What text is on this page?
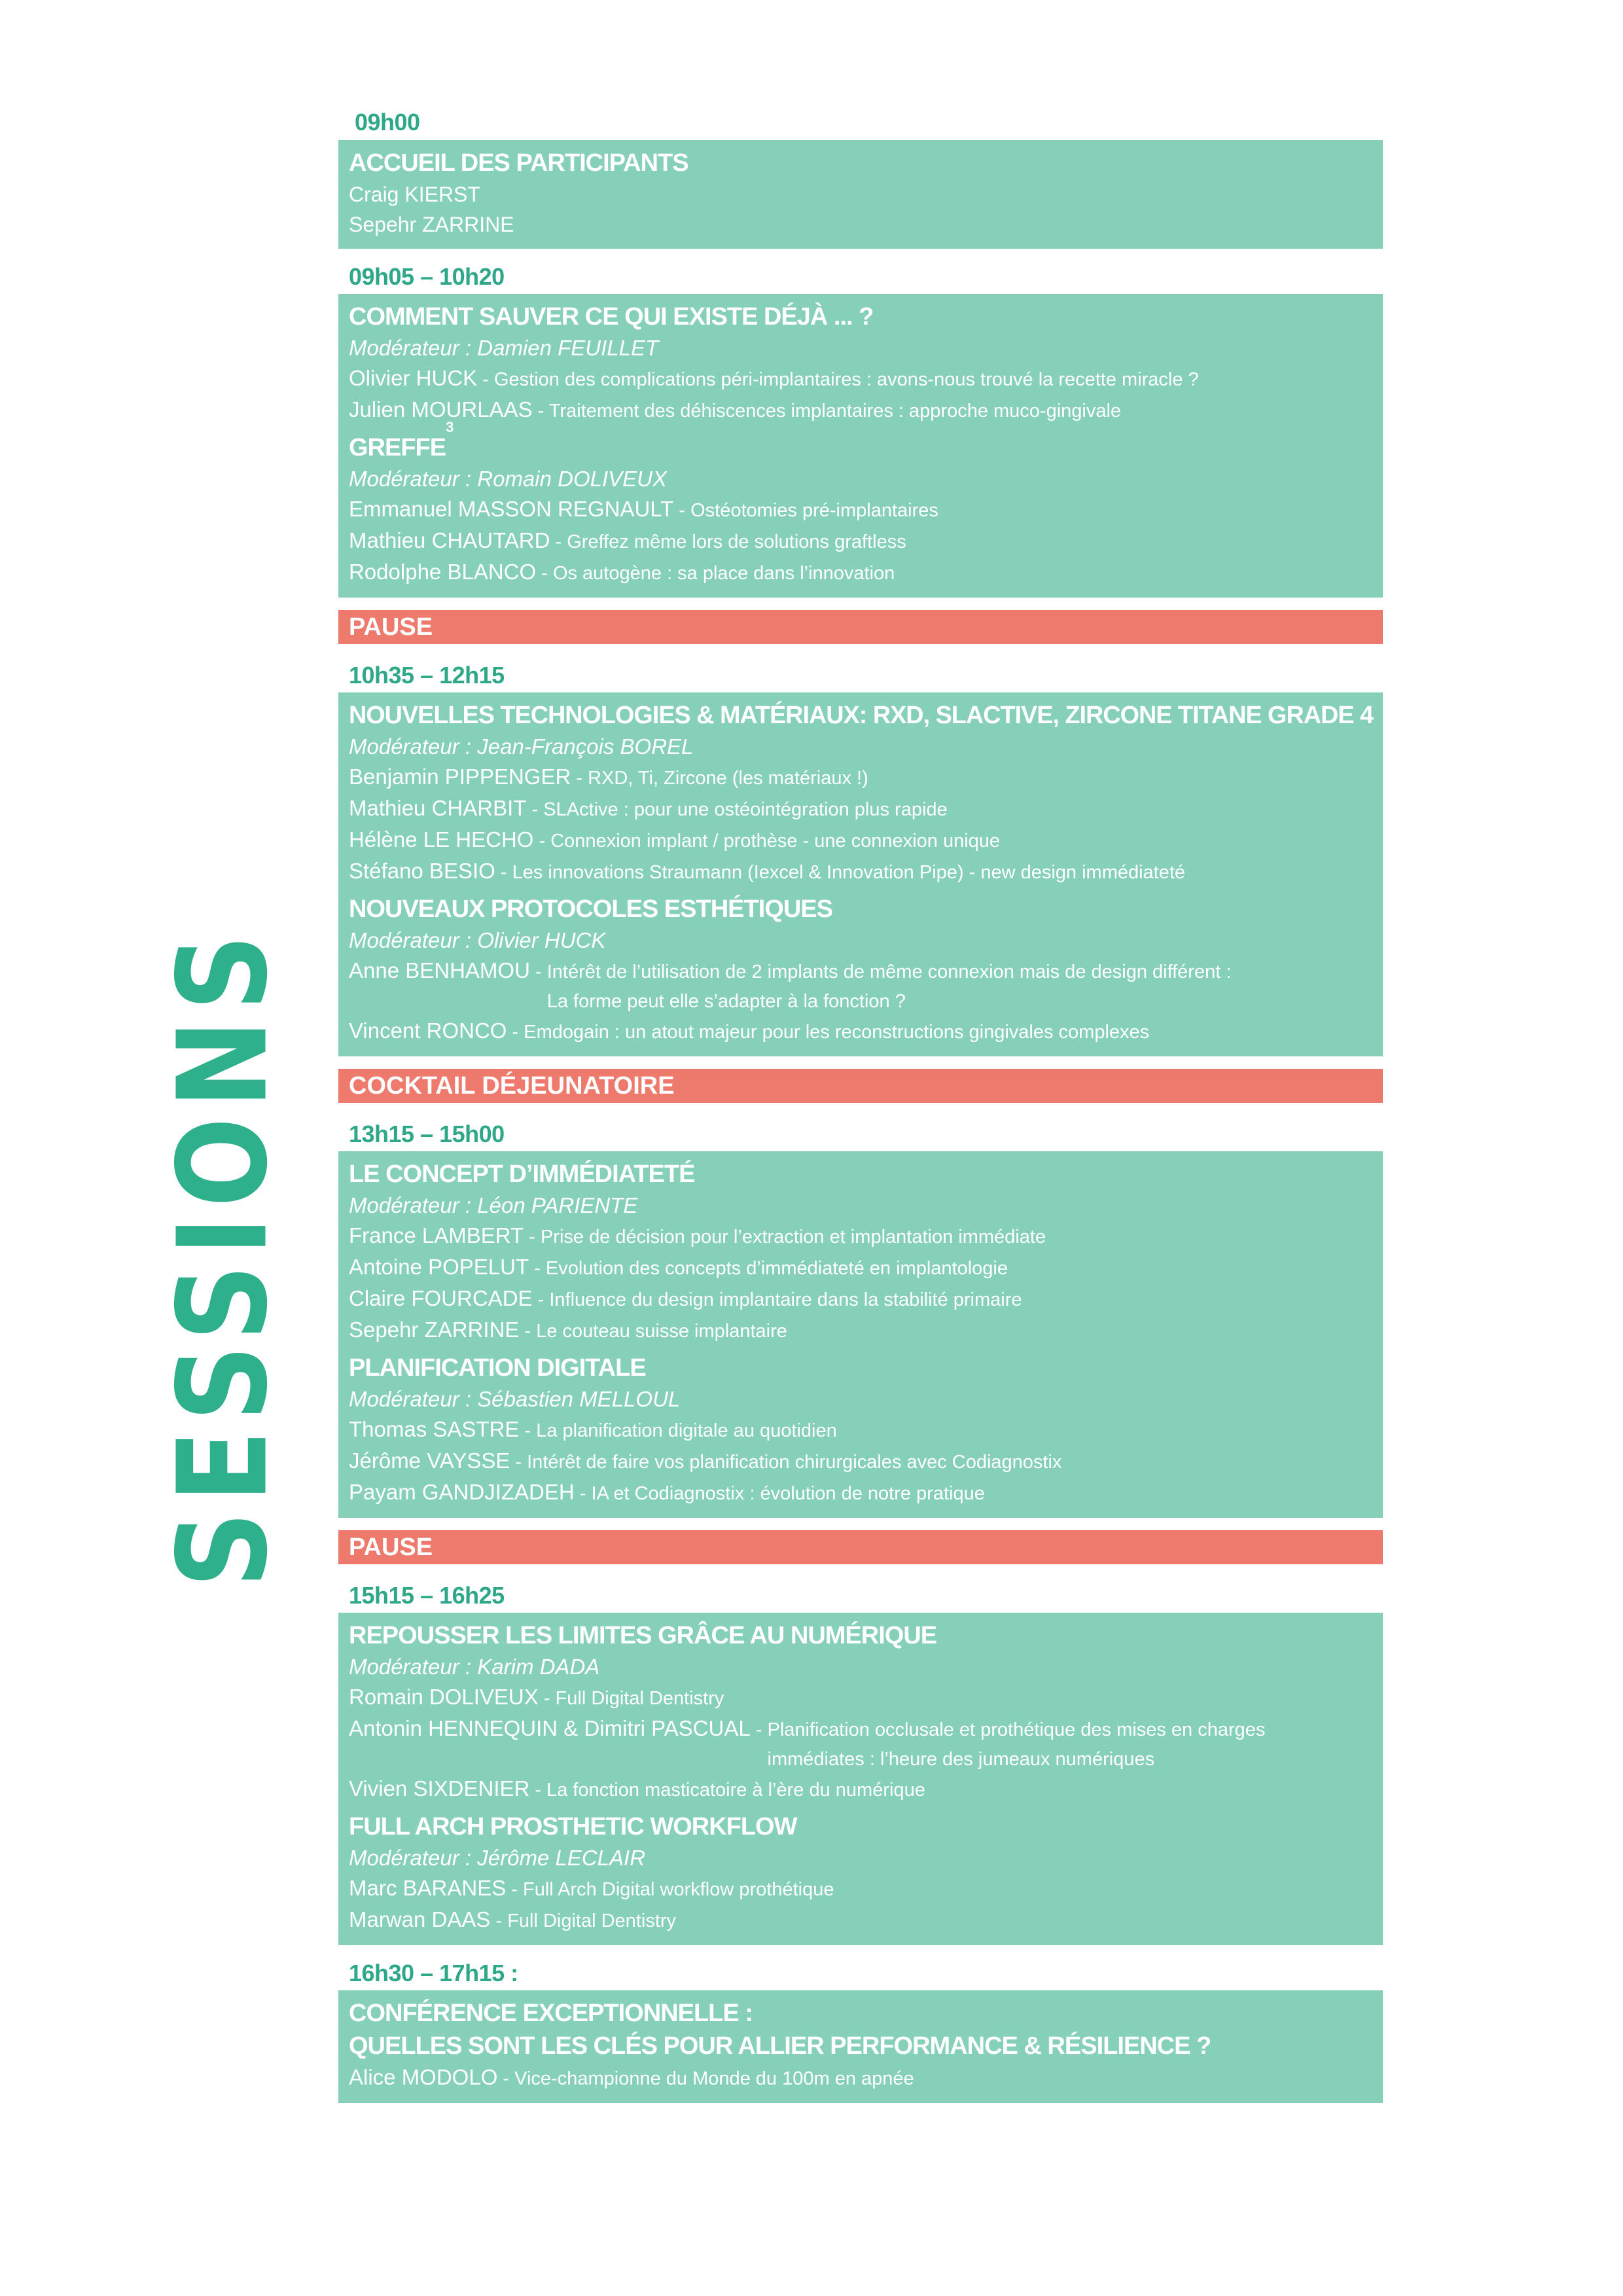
SESSIONS
09h00
ACCUEIL DES PARTICIPANTS
Craig KIERST
Sepehr ZARRINE
09h05 – 10h20
COMMENT SAUVER CE QUI EXISTE DÉJÀ ... ?
Modérateur : Damien FEUILLET
Olivier HUCK - Gestion des complications péri-implantaires : avons-nous trouvé la recette miracle ?
Julien MOURLAAS - Traitement des déhiscences implantaires : approche muco-gingivale
GREFFE$^3$
Modérateur : Romain DOLIVEUX
Emmanuel MASSON REGNAULT - Ostéotomies pré-implantaires
Mathieu CHAUTARD - Greffez même lors de solutions graftless
Rodolphe BLANCO - Os autogène : sa place dans l’innovation
PAUSE
10h35 – 12h15
NOUVELLES TECHNOLOGIES & MATÉRIAUX: RXD, SLACTIVE, ZIRCONE TITANE GRADE 4
Modérateur : Jean-François BOREL
Benjamin PIPPENGER - RXD, Ti, Zircone (les matériaux !)
Mathieu CHARBIT - SLActive : pour une ostéointégration plus rapide
Hélène LE HECHO - Connexion implant / prothèse - une connexion unique
Stéfano BESIO - Les innovations Straumann (Iexcel & Innovation Pipe) - new design immédiateté
NOUVEAUX PROTOCOLES ESTHÉTIQUES
Modérateur : Olivier HUCK
Anne BENHAMOU - Intérêt de l’utilisation de 2 implants de même connexion mais de design différent :
La forme peut elle s’adapter à la fonction ?
Vincent RONCO - Emdogain : un atout majeur pour les reconstructions gingivales complexes
COCKTAIL DÉJEUNATOIRE
13h15 – 15h00
LE CONCEPT D’IMMÉDIATETÉ
Modérateur : Léon PARIENTE
France LAMBERT - Prise de décision pour l’extraction et implantation immédiate
Antoine POPELUT - Evolution des concepts d’immédiateté en implantologie
Claire FOURCADE - Influence du design implantaire dans la stabilité primaire
Sepehr ZARRINE - Le couteau suisse implantaire
PLANIFICATION DIGITALE
Modérateur : Sébastien MELLOUL
Thomas SASTRE - La planification digitale au quotidien
Jérôme VAYSSE - Intérêt de faire vos planification chirurgicales avec Codiagnostix
Payam GANDJIZADEH - IA et Codiagnostix : évolution de notre pratique
PAUSE
15h15 – 16h25
REPOUSSER LES LIMITES GRÂCE AU NUMÉRIQUE
Modérateur : Karim DADA
Romain DOLIVEUX - Full Digital Dentistry
Antonin HENNEQUIN & Dimitri PASCUAL - Planification occlusale et prothétique des mises en charges
immédiates : l’heure des jumeaux numériques
Vivien SIXDENIER - La fonction masticatoire à l’ère du numérique
FULL ARCH PROSTHETIC WORKFLOW
Modérateur : Jérôme LECLAIR
Marc BARANES - Full Arch Digital workflow prothétique
Marwan DAAS - Full Digital Dentistry
16h30 – 17h15 :
CONFÉRENCE EXCEPTIONNELLE :
QUELLES SONT LES CLÉS POUR ALLIER PERFORMANCE & RÉSILIENCE ?
Alice MODOLO - Vice-championne du Monde du 100m en apnée
